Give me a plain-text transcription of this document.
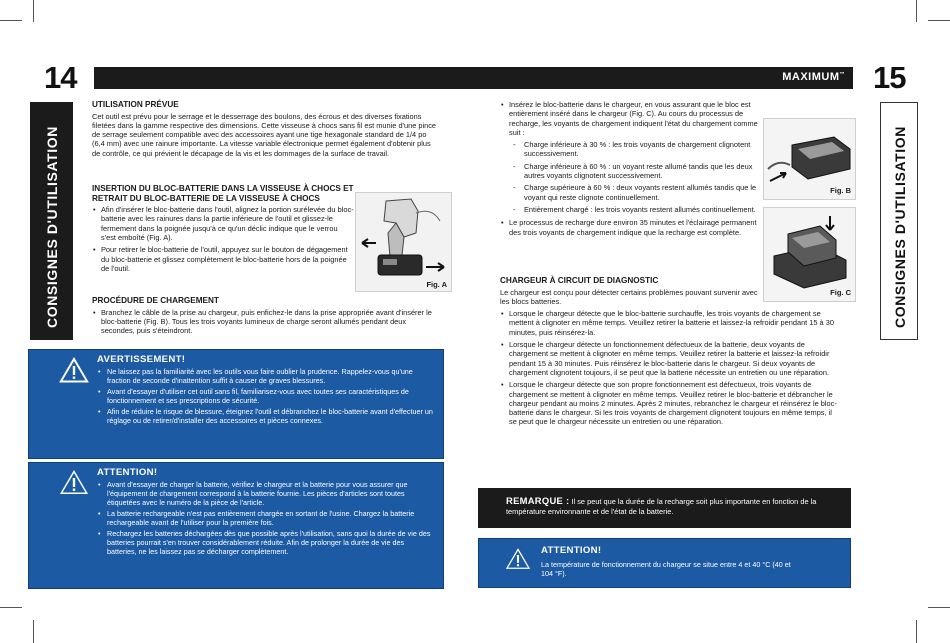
14	15
MAXIMUM™
CONSIGNES D'UTILISATION	CONSIGNES D'UTILISATION
UTILISATION PRÉVUE
Cet outil est prévu pour le serrage et le desserrage des boulons, des écrous et des diverses fixations filetées dans la gamme respective des dimensions. Cette visseuse à chocs sans fil est munie d'une pince de serrage seulement compatible avec des accessoires ayant une tige hexagonale standard de 1/4 po (6,4 mm) avec une rainure importante. La vitesse variable électronique permet également d'obtenir plus de contrôle, ce qui prévient le décapage de la vis et les dommages de la surface de travail.
INSERTION DU BLOC-BATTERIE DANS LA VISSEUSE À CHOCS ET RETRAIT DU BLOC-BATTERIE DE LA VISSEUSE À CHOCS
• Afin d'insérer le bloc-batterie dans l'outil, alignez la portion surélevée du bloc-batterie avec les rainures dans la partie inférieure de l'outil et glissez-le fermement dans la poignée jusqu'à ce qu'un déclic indique que le verrou s'est emboîté (Fig. A).
• Pour retirer le bloc-batterie de l'outil, appuyez sur le bouton de dégagement du bloc-batterie et glissez complètement le bloc-batterie hors de la poignée de l'outil.
Fig. A
PROCÉDURE DE CHARGEMENT
• Branchez le câble de la prise au chargeur, puis enfichez-le dans la prise appropriée avant d'insérer le bloc-batterie (Fig. B). Tous les trois voyants lumineux de charge seront allumés pendant deux secondes, puis s'éteindront.
AVERTISSEMENT!
• Ne laissez pas la familiarité avec les outils vous faire oublier la prudence. Rappelez-vous qu'une fraction de seconde d'inattention suffit à causer de graves blessures.
• Avant d'essayer d'utiliser cet outil sans fil, familiarisez-vous avec toutes ses caractéristiques de fonctionnement et ses prescriptions de sécurité.
• Afin de réduire le risque de blessure, éteignez l'outil et débranchez le bloc-batterie avant d'effectuer un réglage ou de retirer/d'installer des accessoires et pièces connexes.
ATTENTION!
• Avant d'essayer de charger la batterie, vérifiez le chargeur et la batterie pour vous assurer que l'équipement de chargement correspond à la batterie fournie. Les pièces d'articles sont toutes étiquetées avec le numéro de la pièce de l'article.
• La batterie rechargeable n'est pas entièrement chargée en sortant de l'usine. Chargez la batterie rechargeable avant de l'utiliser pour la première fois.
• Rechargez les batteries déchargées dès que possible après l'utilisation, sans quoi la durée de vie des batteries pourrait s'en trouver considérablement réduite. Afin de prolonger la durée de vie des batteries, ne les laissez pas se décharger complètement.
• Insérez le bloc-batterie dans le chargeur, en vous assurant que le bloc est entièrement inséré dans le chargeur (Fig. C). Au cours du processus de recharge, les voyants de chargement indiquent l'état du chargement comme suit :
- Charge inférieure à 30 % : les trois voyants de chargement clignotent successivement.
- Charge inférieure à 60 % : un voyant reste allumé tandis que les deux autres voyants clignotent successivement.
- Charge supérieure à 60 % : deux voyants restent allumés tandis que le voyant qui reste clignote continuellement.
- Entièrement chargé : les trois voyants restent allumés continuellement.
• Le processus de recharge dure environ 35 minutes et l'éclairage permanent des trois voyants de chargement indique que la recharge est complète.
Fig. B
Fig. C
CHARGEUR À CIRCUIT DE DIAGNOSTIC
Le chargeur est conçu pour détecter certains problèmes pouvant survenir avec les blocs batteries.
• Lorsque le chargeur détecte que le bloc-batterie surchauffe, les trois voyants de chargement se mettent à clignoter en même temps. Veuillez retirer la batterie et laissez-la refroidir pendant 15 à 30 minutes, puis réinsérez-la.
• Lorsque le chargeur détecte un fonctionnement défectueux de la batterie, deux voyants de chargement se mettent à clignoter en même temps. Veuillez retirer la batterie et laissez-la refroidir pendant 15 à 30 minutes. Puis réinsérez le bloc-batterie dans le chargeur. Si deux voyants de chargement clignotent toujours, il se peut que la batterie nécessite un entretien ou une réparation.
• Lorsque le chargeur détecte que son propre fonctionnement est défectueux, trois voyants de chargement se mettent à clignoter en même temps. Veuillez retirer le bloc-batterie et débrancher le chargeur pendant au moins 2 minutes. Après 2 minutes, rebranchez le chargeur et réinsérez le bloc-batterie dans le chargeur. Si les trois voyants de chargement clignotent toujours en même temps, il se peut que le chargeur nécessite un entretien ou une réparation.
REMARQUE : Il se peut que la durée de la recharge soit plus importante en fonction de la température environnante et de l'état de la batterie.
ATTENTION!
La température de fonctionnement du chargeur se situe entre 4 et 40 °C (40 et 104 °F).
